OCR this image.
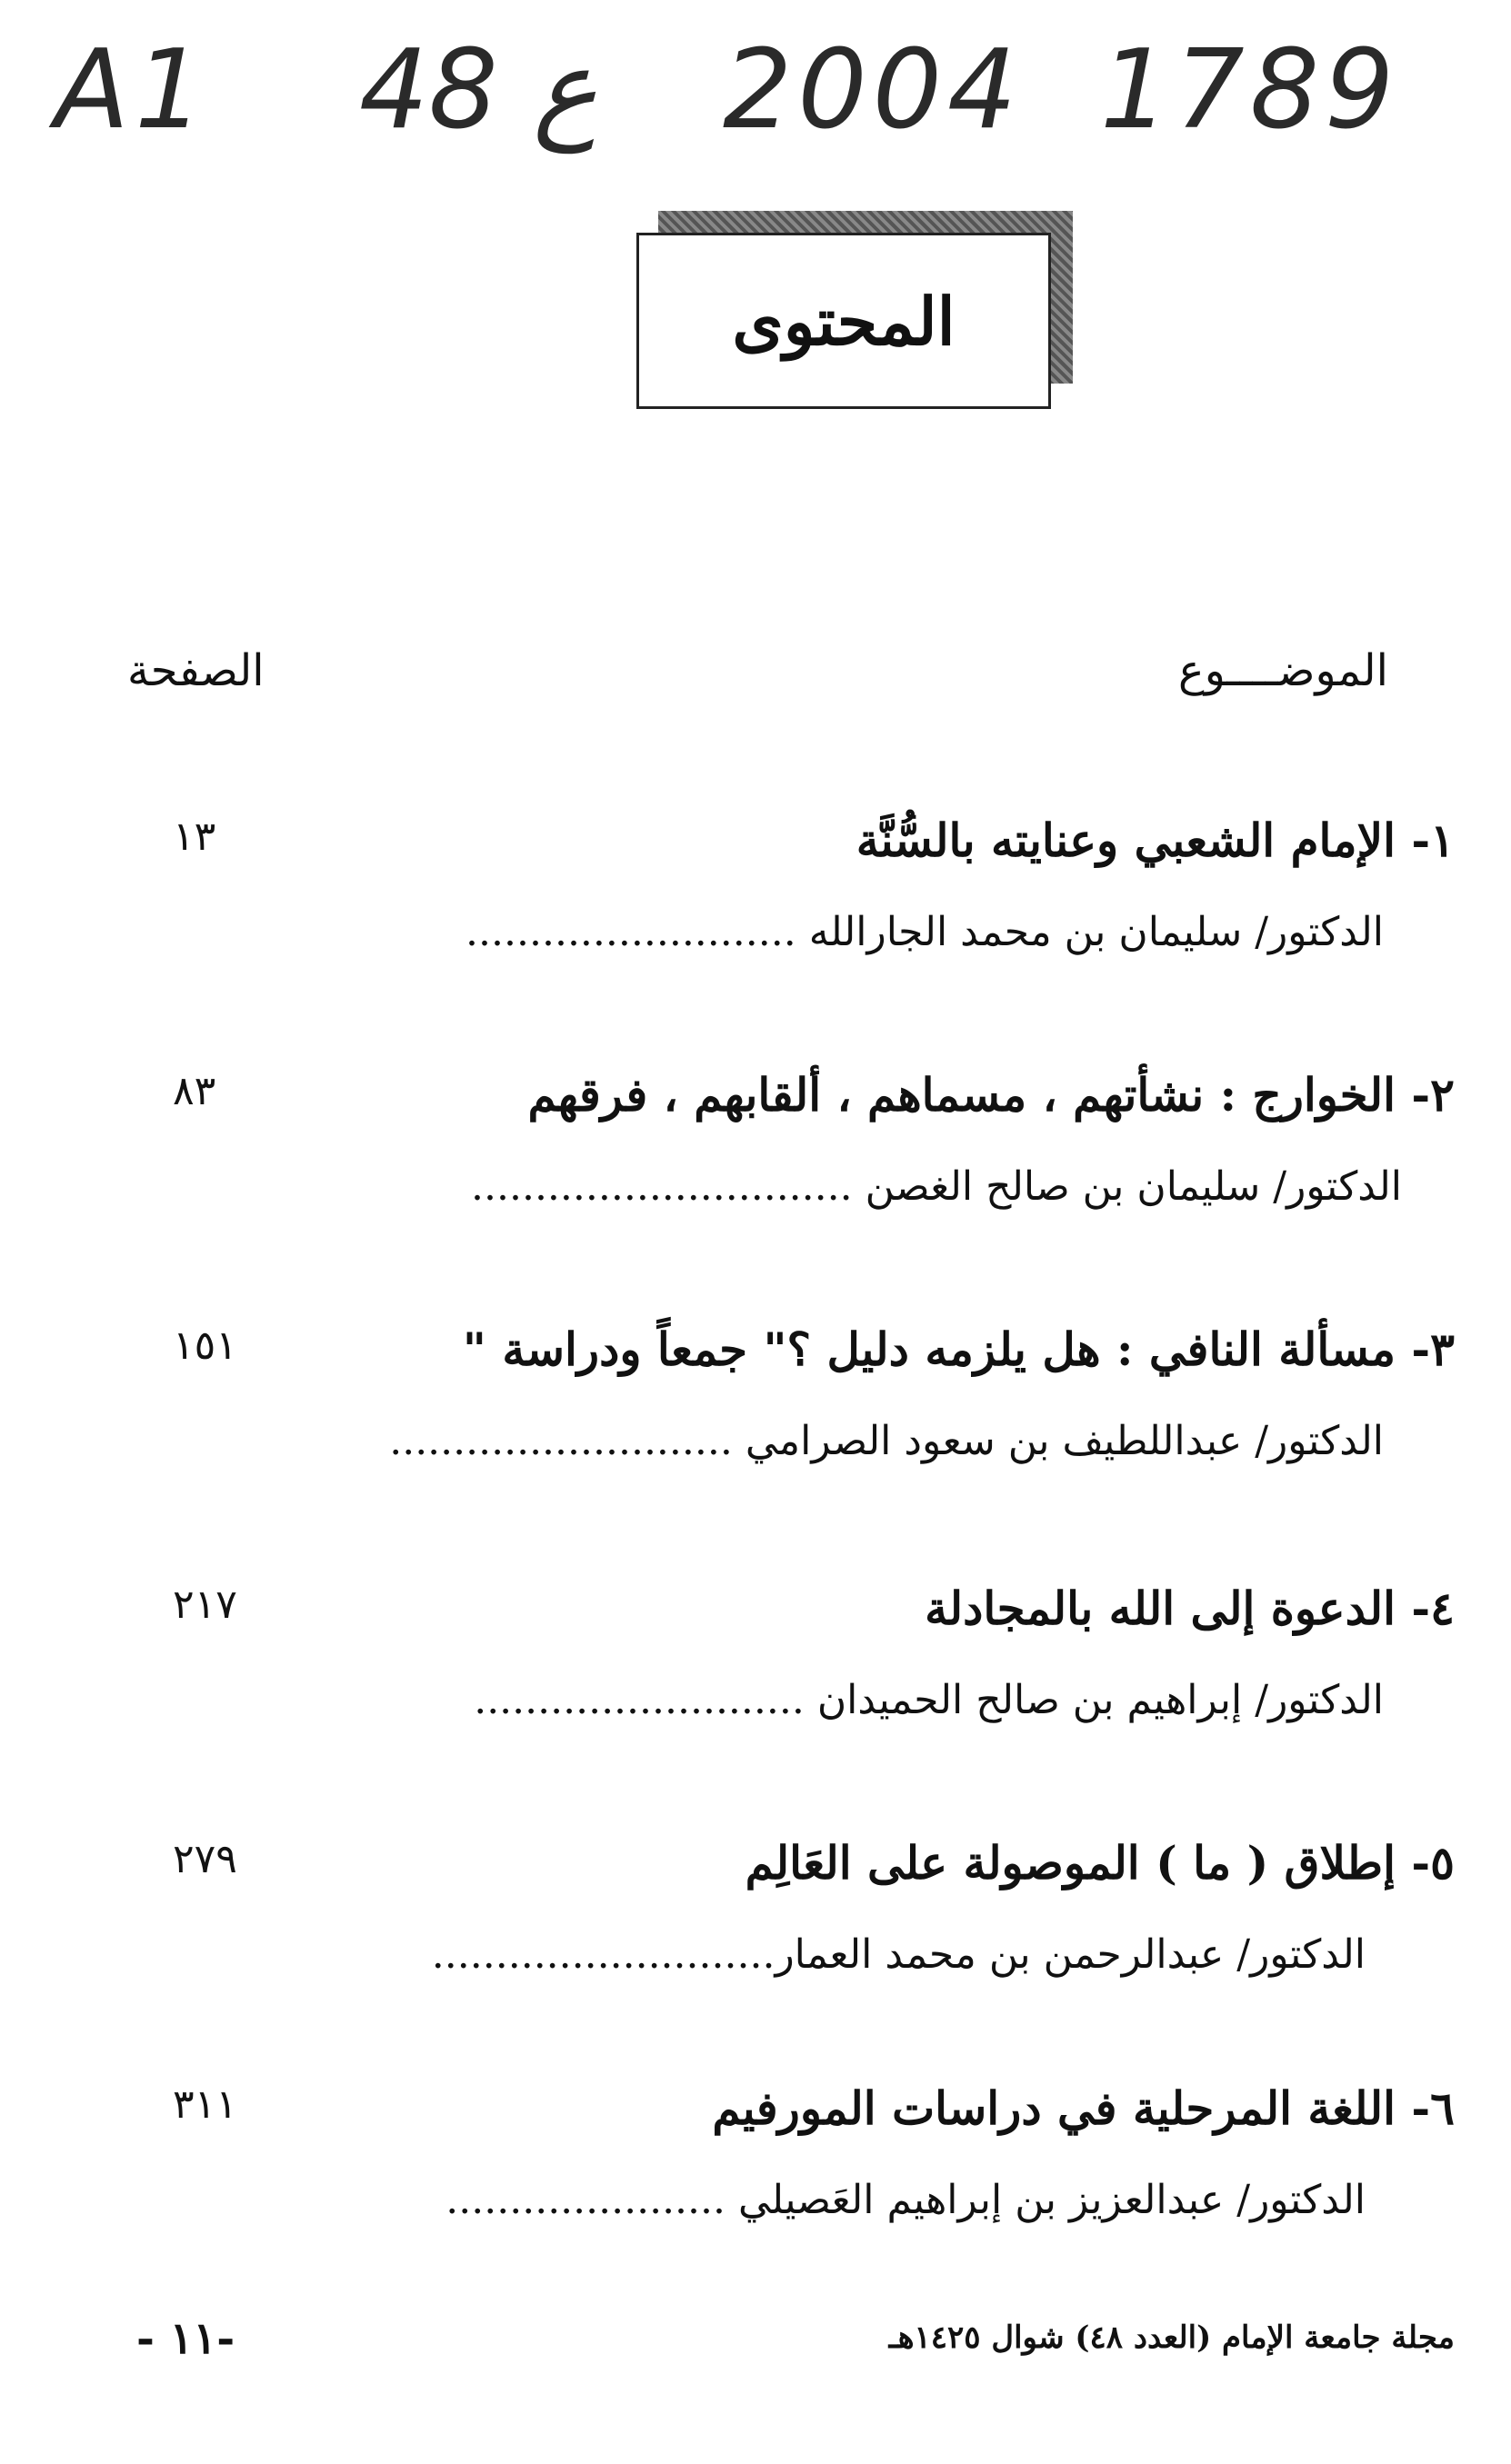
A1 48 ع 2004 1789
المحتوى
الموضــــوع
الصفحة
١- الإمام الشعبي وعنايته بالسُّنَّة
١٣
الدكتور/ سليمان بن محمد الجارالله ..........................
٢- الخوارج : نشأتهم ، مسماهم ، ألقابهم ، فرقهم
٨٣
الدكتور/ سليمان بن صالح الغصن ..............................
٣- مسألة النافي : هل يلزمه دليل ؟" جمعاً ودراسة "
١٥١
الدكتور/ عبداللطيف بن سعود الصرامي ...........................
٤- الدعوة إلى الله بالمجادلة
٢١٧
الدكتور/ إبراهيم بن صالح الحميدان ..........................
٥- إطلاق ( ما ) الموصولة على العَالِم
٢٧٩
الدكتور/ عبدالرحمن بن محمد العمار...........................
٦- اللغة المرحلية في دراسات المورفيم
٣١١
الدكتور/ عبدالعزيز بن إبراهيم العَصيلي ......................
-١١ -	مجلة جامعة الإمام (العدد ٤٨) شوال ١٤٢٥هـ
